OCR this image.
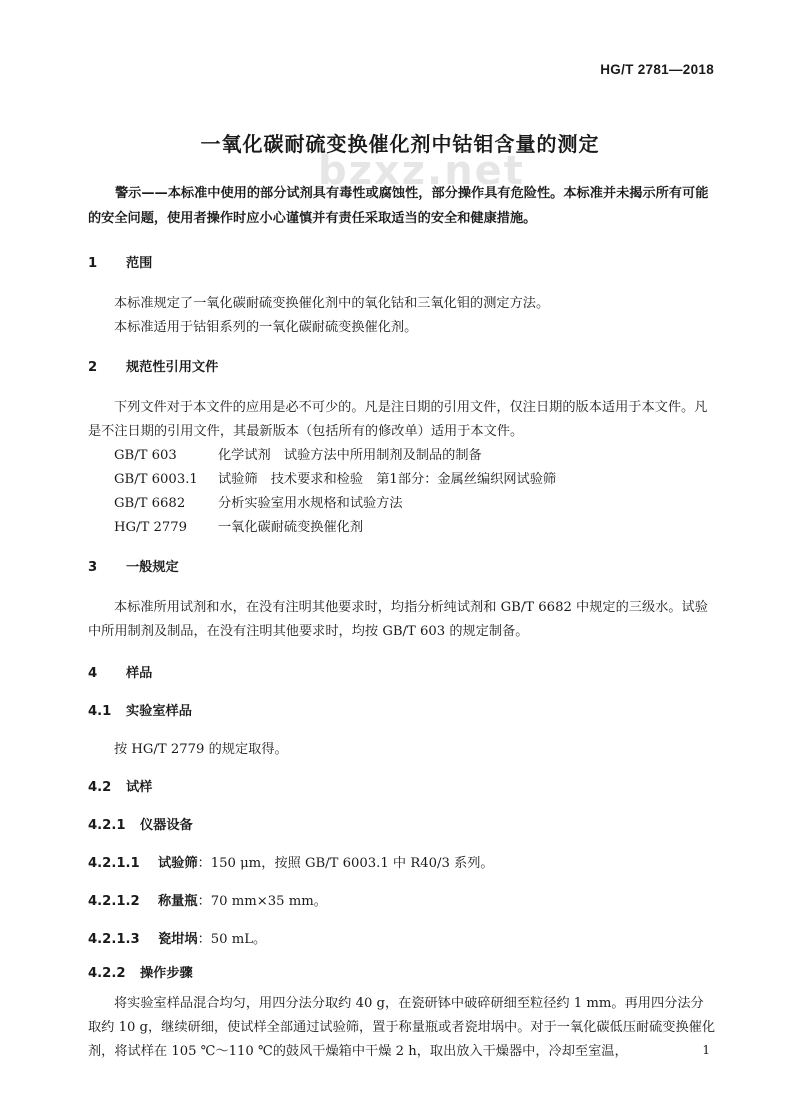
HG/T 2781—2018
一氧化碳耐硫变换催化剂中钴钼含量的测定
bzxz.net

警示——本标准中使用的部分试剂具有毒性或腐蚀性，部分操作具有危险性。本标准并未揭示所有可能的安全问题，使用者操作时应小心谨慎并有责任采取适当的安全和健康措施。

1 范围
本标准规定了一氧化碳耐硫变换催化剂中的氧化钴和三氧化钼的测定方法。
本标准适用于钴钼系列的一氧化碳耐硫变换催化剂。
2 规范性引用文件

下列文件对于本文件的应用是必不可少的。凡是注日期的引用文件，仅注日期的版本适用于本文件。凡是不注日期的引用文件，其最新版本（包括所有的修改单）适用于本文件。

GB/T 603	化学试剂　试验方法中所用制剂及制品的制备
GB/T 6003.1 试验筛　技术要求和检验　第1部分：金属丝编织网试验筛
GB/T 6682 分析实验室用水规格和试验方法
HG/T 2779 一氧化碳耐硫变换催化剂
3 一般规定

本标准所用试剂和水，在没有注明其他要求时，均指分析纯试剂和 GB/T 6682 中规定的三级水。试验中所用制剂及制品，在没有注明其他要求时，均按 GB/T 603 的规定制备。

4 样品
4.1 实验室样品
按 HG/T 2779 的规定取得。
4.2 试样
4.2.1 仪器设备
4.2.1.1 试验筛：150 μm，按照 GB/T 6003.1 中 R40/3 系列。
4.2.1.2 称量瓶：70 mm×35 mm。
4.2.1.3 瓷坩埚：50 mL。
4.2.2 操作步骤

将实验室样品混合均匀，用四分法分取约 40 g，在瓷研钵中破碎研细至粒径约 1 mm。再用四分法分取约 10 g，继续研细，使试样全部通过试验筛，置于称量瓶或者瓷坩埚中。对于一氧化碳低压耐硫变换催化剂，将试样在 105 ℃～110 ℃的鼓风干燥箱中干燥 2 h，取出放入干燥器中，冷却至室温，	1
